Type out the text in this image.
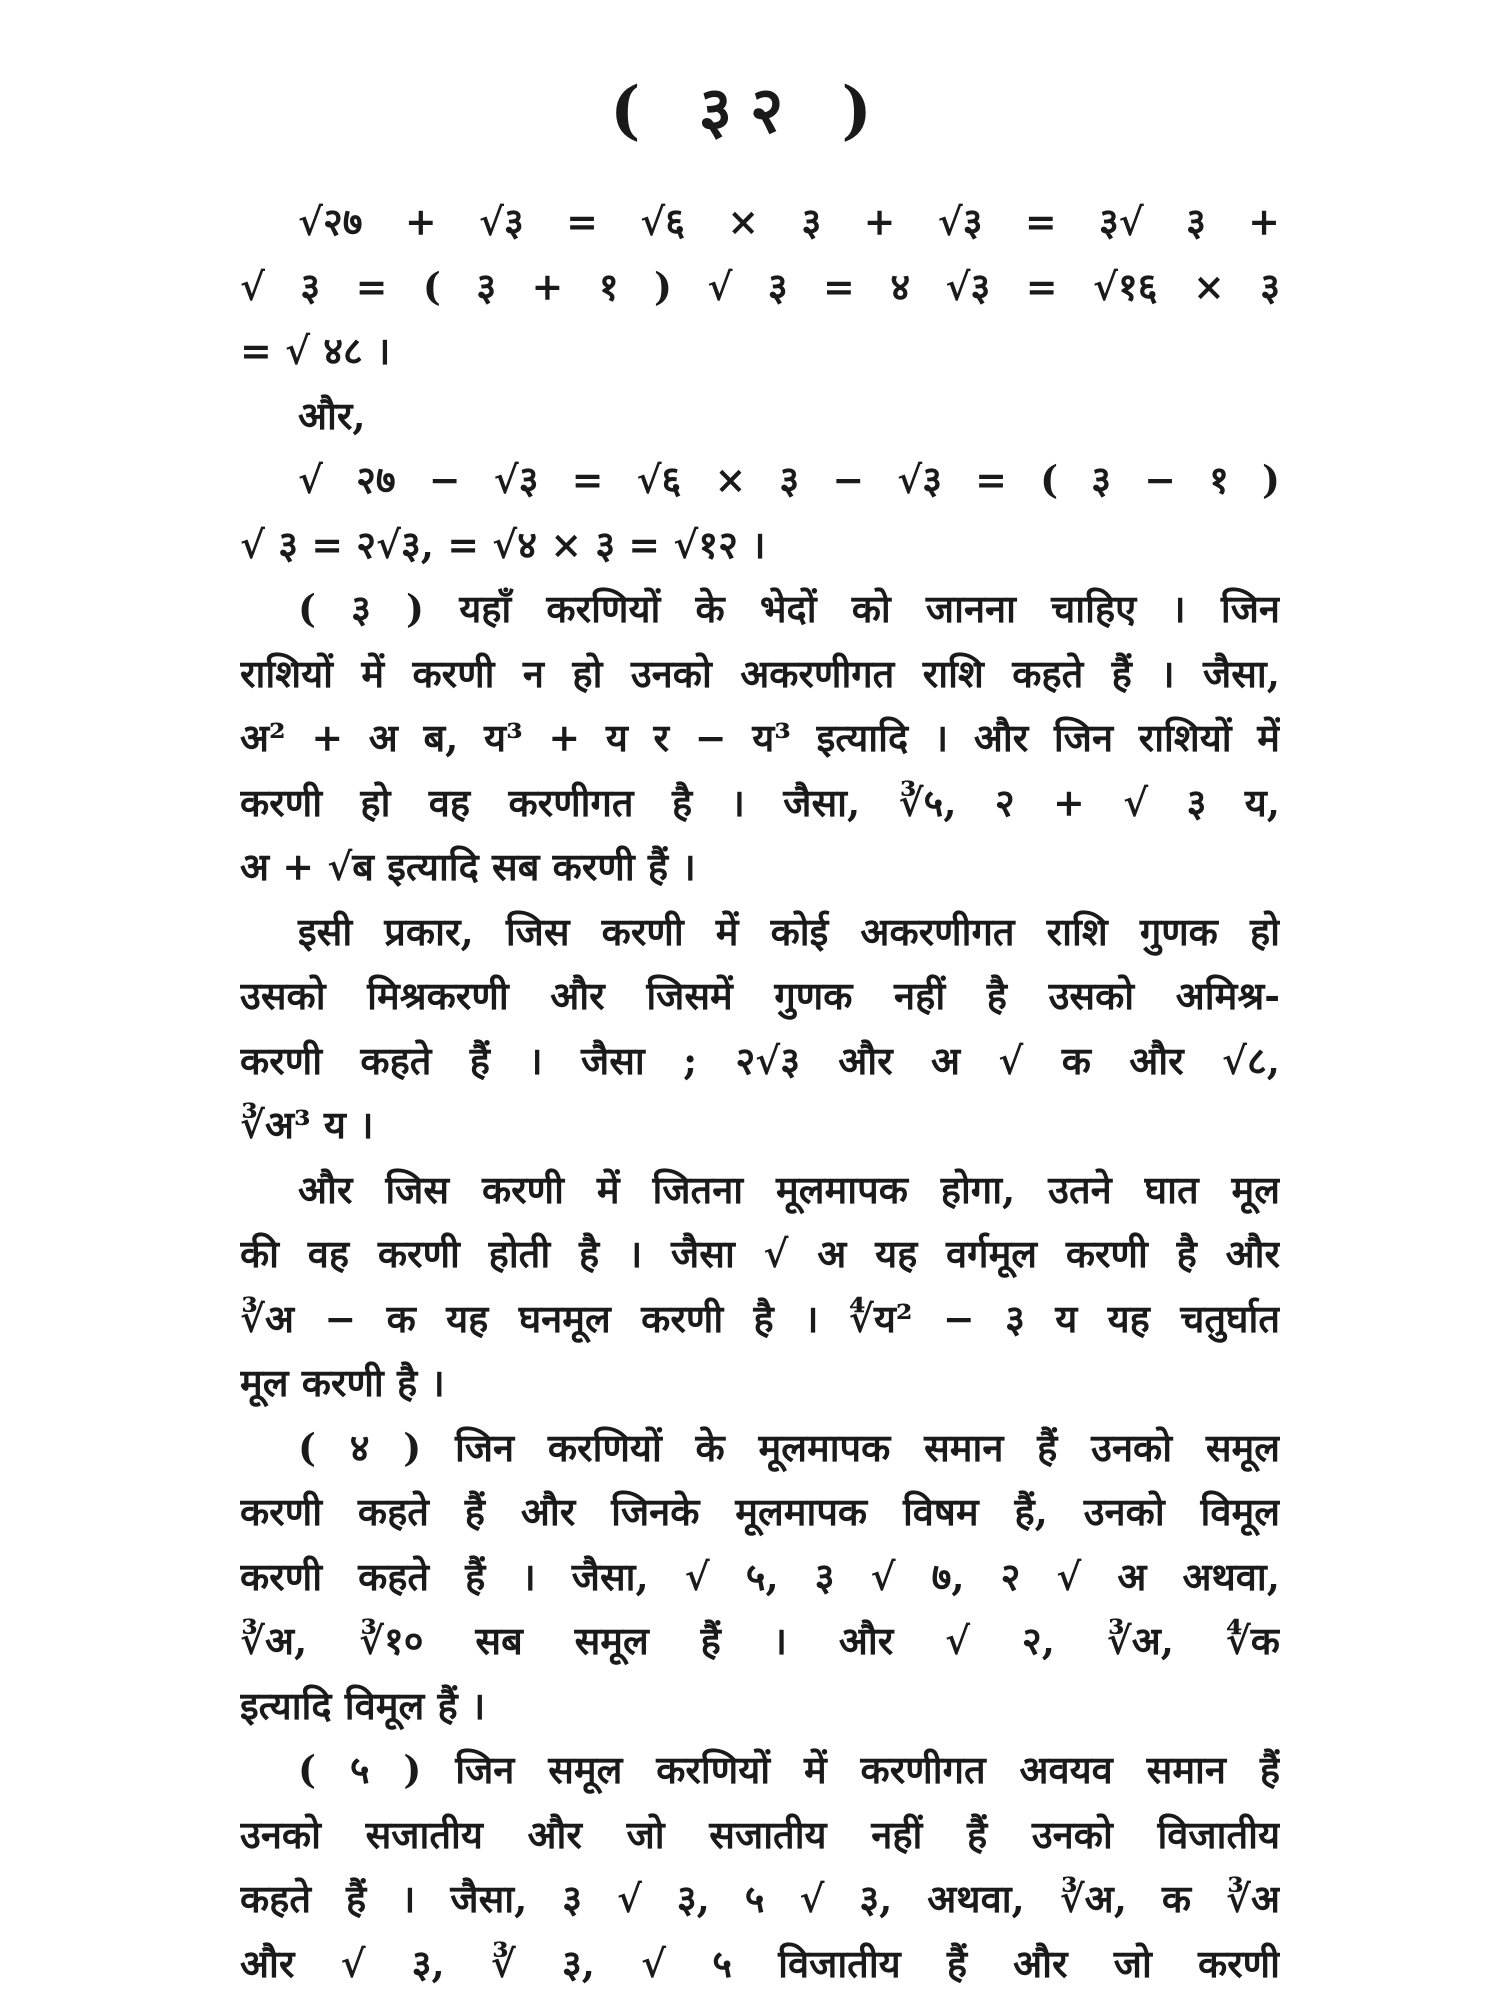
( ३२ )
√२७ + √३ = √६ × ३ + √३ = ३√ ३ +
√ ३ = ( ३ + १ ) √ ३ = ४ √३ = √१६ × ३
= √ ४८ ।
और,
√ २७ − √३ = √६ × ३ − √३ = ( ३ − १ )
√ ३ = २√३, = √४ × ३ = √१२ ।
( ३ ) यहाँ करणियों के भेदों को जानना चाहिए । जिन
राशियों में करणी न हो उनको अकरणीगत राशि कहते हैं । जैसा,
अ² + अ ब, य³ + य र − य³ इत्यादि । और जिन राशियों में
करणी हो वह करणीगत है । जैसा, ∛५, २ + √ ३ य,
अ + √ब इत्यादि सब करणी हैं ।
इसी प्रकार, जिस करणी में कोई अकरणीगत राशि गुणक हो
उसको मिश्रकरणी और जिसमें गुणक नहीं है उसको अमिश्र-
करणी कहते हैं । जैसा ; २√३ और अ √ क और √८,
∛अ³ य ।
और जिस करणी में जितना मूलमापक होगा, उतने घात मूल
की वह करणी होती है । जैसा √ अ यह वर्गमूल करणी है और
∛अ − क यह घनमूल करणी है । ∜य² − ३ य यह चतुर्घात
मूल करणी है ।
( ४ ) जिन करणियों के मूलमापक समान हैं उनको समूल
करणी कहते हैं और जिनके मूलमापक विषम हैं, उनको विमूल
करणी कहते हैं । जैसा, √ ५, ३ √ ७, २ √ अ अथवा,
∛अ, ∛१० सब समूल हैं । और √ २, ∛अ, ∜क
इत्यादि विमूल हैं ।
( ५ ) जिन समूल करणियों में करणीगत अवयव समान हैं
उनको सजातीय और जो सजातीय नहीं हैं उनको विजातीय
कहते हैं । जैसा, ३ √ ३, ५ √ ३, अथवा, ∛अ, क ∛अ
और √ ३, ∛ ३, √ ५ विजातीय हैं और जो करणी
